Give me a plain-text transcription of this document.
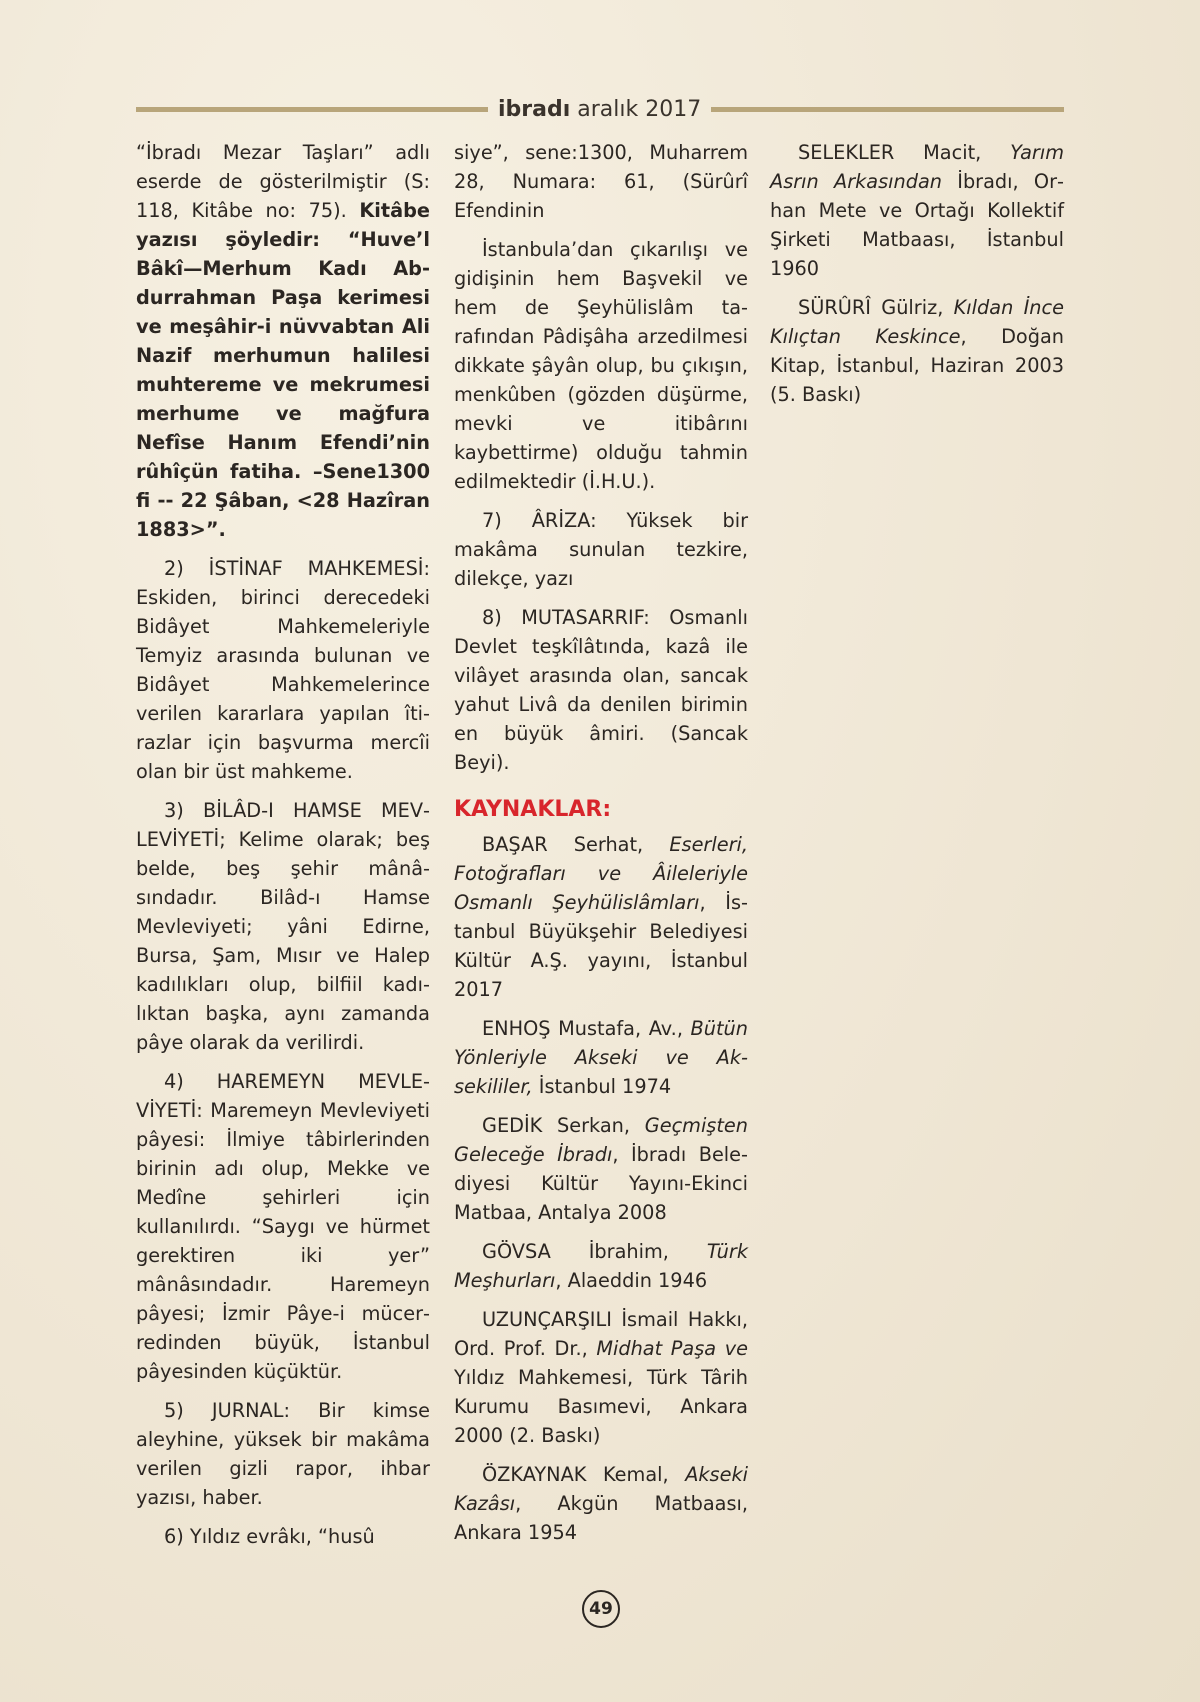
ibradı aralık 2017

“İbradı Mezar Taşları” adlı eserde de gösterilmiştir (S: 118, Kitâbe no: 75). Kitâbe yazısı şöyledir: “Huve’l Bâkî—Merhum Kadı Abdurrahman Paşa kerimesi ve meşâhir-i nüvvabtan Ali Nazif merhumun halilesi muhtereme ve mekrumesi merhume ve mağfura Nefîse Hanım Efendi’nin rûhîçün fatiha. –Sene1300 fi -- 22 Şâban, <28 Hazîran 1883>”.

2) İSTİNAF MAHKEMESİ: Eskiden, birinci derecedeki Bidâyet Mahkemeleriyle Temyiz arasında bulunan ve Bidâyet Mahkemelerince verilen kararlara yapılan îtirazlar için başvurma mercîi olan bir üst mahkeme.

3) BİLÂD-I HAMSE MEVLEVİYETİ; Kelime olarak; beş belde, beş şehir mânâsındadır. Bilâd-ı Hamse Mevleviyeti; yâni Edirne, Bursa, Şam, Mısır ve Halep kadılıkları olup, bilfiil kadılıktan başka, aynı zamanda pâye olarak da verilirdi.

4) HAREMEYN MEVLEVİYETİ: Maremeyn Mevleviyeti pâyesi: İlmiye tâbirlerinden birinin adı olup, Mekke ve Medîne şehirleri için kullanılırdı. “Saygı ve hürmet gerektiren iki yer” mânâsındadır. Haremeyn pâyesi; İzmir Pâye-i mücerredinden büyük, İstanbul pâyesinden küçüktür.

5) JURNAL: Bir kimse aleyhine, yüksek bir makâma verilen gizli rapor, ihbar yazısı, haber.

6) Yıldız evrâkı, “husû

siye”, sene:1300, Muharrem 28, Numara: 61, (Sürûrî Efendinin

İstanbula’dan çıkarılışı ve gidişinin hem Başvekil ve hem de Şeyhülislâm tarafından Pâdişâha arzedilmesi dikkate şâyân olup, bu çıkışın, menkûben (gözden düşürme, mevki ve itibârını kaybettirme) olduğu tahmin edilmektedir (İ.H.U.).

7) ÂRİZA: Yüksek bir makâma sunulan tezkire, dilekçe, yazı

8) MUTASARRIF: Osmanlı Devlet teşkîlâtında, kazâ ile vilâyet arasında olan, sancak yahut Livâ da denilen birimin en büyük âmiri. (Sancak Beyi).

KAYNAKLAR:

BAŞAR Serhat, Eserleri, Fotoğrafları ve Âileleriyle Osmanlı Şeyhülislâmları, İstanbul Büyükşehir Belediyesi Kültür A.Ş. yayını, İstanbul 2017

ENHOŞ Mustafa, Av., Bütün Yönleriyle Akseki ve Aksekililer, İstanbul 1974

GEDİK Serkan, Geçmişten Geleceğe İbradı, İbradı Belediyesi Kültür Yayını-Ekinci Matbaa, Antalya 2008

GÖVSA İbrahim, Türk Meşhurları, Alaeddin 1946

UZUNÇARŞILI İsmail Hakkı, Ord. Prof. Dr., Midhat Paşa ve Yıldız Mahkemesi, Türk Târih Kurumu Basımevi, Ankara 2000 (2. Baskı)

ÖZKAYNAK Kemal, Akseki Kazâsı, Akgün Matbaası, Ankara 1954

SELEKLER Macit, Yarım Asrın Arkasından İbradı, Orhan Mete ve Ortağı Kollektif Şirketi Matbaası, İstanbul 1960

SÜRÛRÎ Gülriz, Kıldan İnce Kılıçtan Keskince, Doğan Kitap, İstanbul, Haziran 2003 (5. Baskı)

49
